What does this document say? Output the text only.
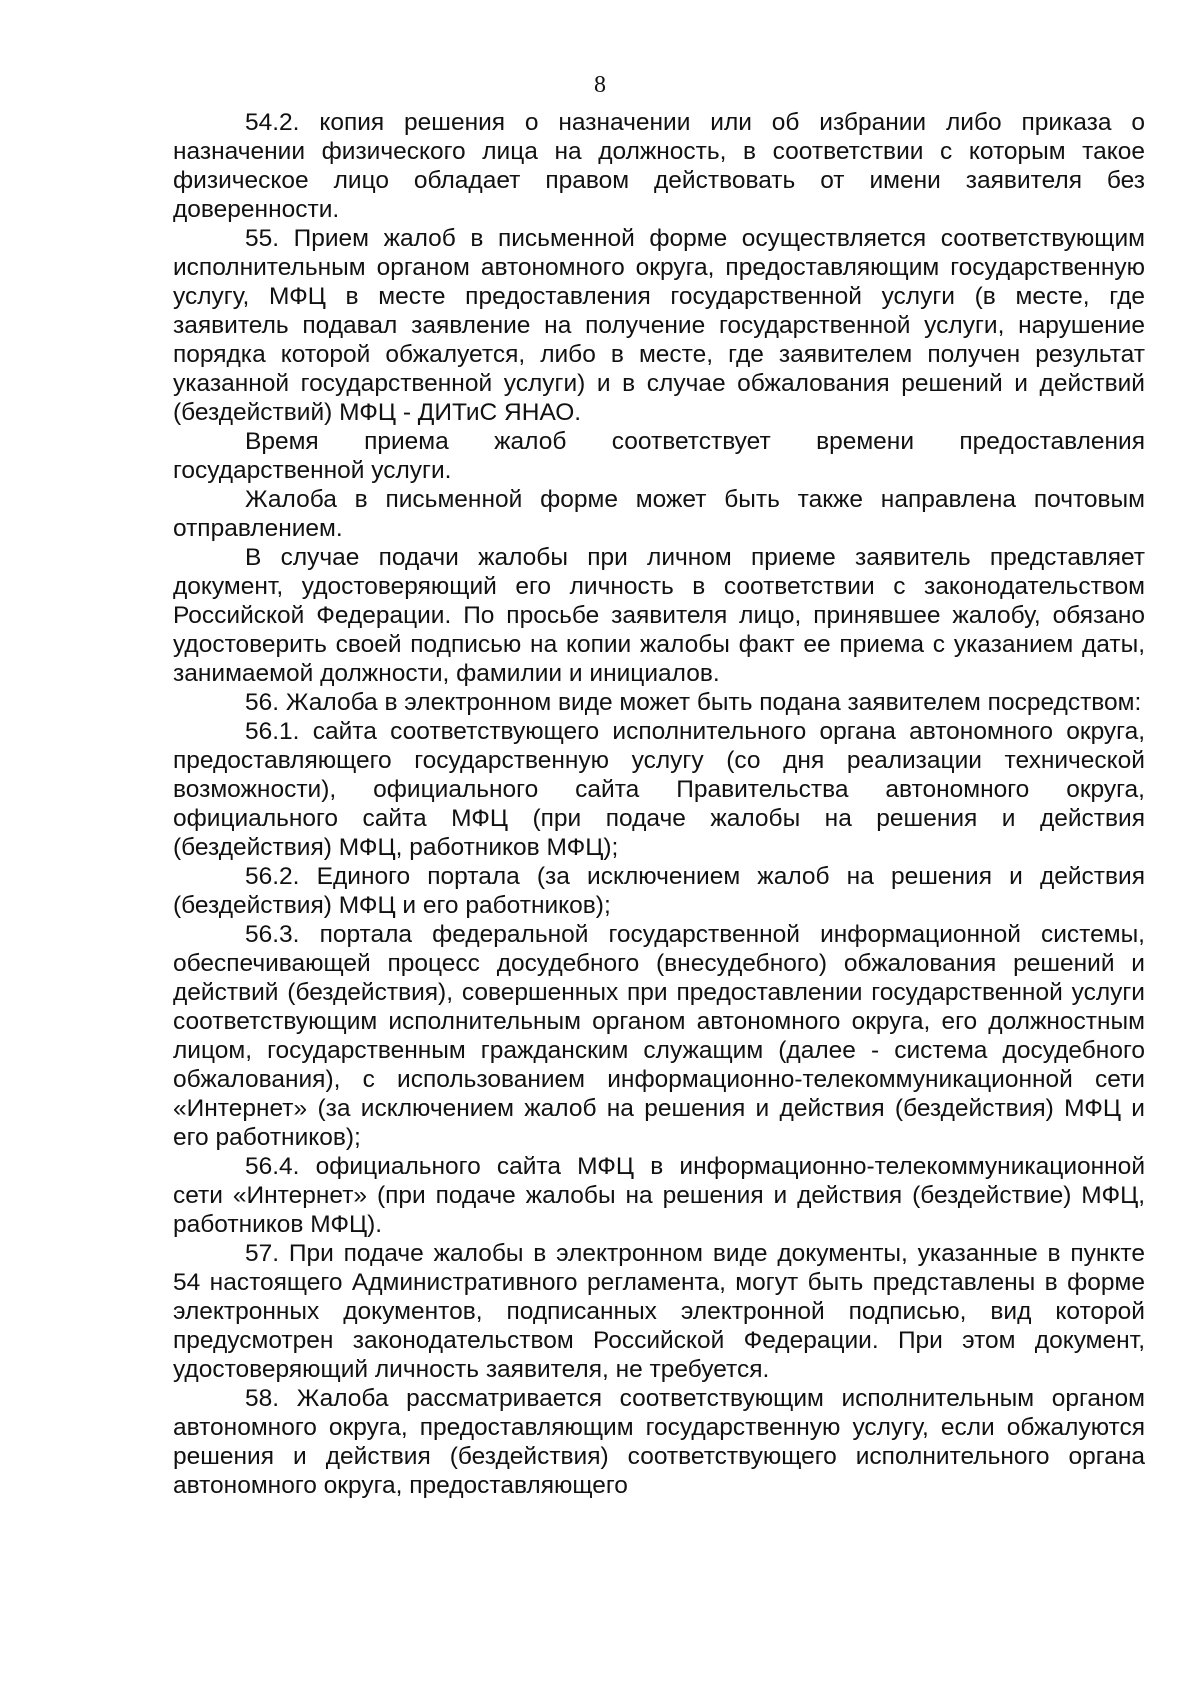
8

54.2. копия решения о назначении или об избрании либо приказа о назначении физического лица на должность, в соответствии с которым такое физическое лицо обладает правом действовать от имени заявителя без доверенности.

55. Прием жалоб в письменной форме осуществляется соответствующим исполнительным органом автономного округа, предоставляющим государственную услугу, МФЦ в месте предоставления государственной услуги (в месте, где заявитель подавал заявление на получение государственной услуги, нарушение порядка которой обжалуется, либо в месте, где заявителем получен результат указанной государственной услуги) и в случае обжалования решений и действий (бездействий) МФЦ - ДИТиС ЯНАО.

Время приема жалоб соответствует времени предоставления государственной услуги.

Жалоба в письменной форме может быть также направлена почтовым отправлением.

В случае подачи жалобы при личном приеме заявитель представляет документ, удостоверяющий его личность в соответствии с законодательством Российской Федерации. По просьбе заявителя лицо, принявшее жалобу, обязано удостоверить своей подписью на копии жалобы факт ее приема с указанием даты, занимаемой должности, фамилии и инициалов.

56. Жалоба в электронном виде может быть подана заявителем посредством:

56.1. сайта соответствующего исполнительного органа автономного округа, предоставляющего государственную услугу (со дня реализации технической возможности), официального сайта Правительства автономного округа, официального сайта МФЦ (при подаче жалобы на решения и действия (бездействия) МФЦ, работников МФЦ);

56.2. Единого портала (за исключением жалоб на решения и действия (бездействия) МФЦ и его работников);

56.3. портала федеральной государственной информационной системы, обеспечивающей процесс досудебного (внесудебного) обжалования решений и действий (бездействия), совершенных при предоставлении государственной услуги соответствующим исполнительным органом автономного округа, его должностным лицом, государственным гражданским служащим (далее - система досудебного обжалования), с использованием информационно-телекоммуникационной сети «Интернет» (за исключением жалоб на решения и действия (бездействия) МФЦ и его работников);

56.4. официального сайта МФЦ в информационно-телекоммуникационной сети «Интернет» (при подаче жалобы на решения и действия (бездействие) МФЦ, работников МФЦ).

57. При подаче жалобы в электронном виде документы, указанные в пункте 54 настоящего Административного регламента, могут быть представлены в форме электронных документов, подписанных электронной подписью, вид которой предусмотрен законодательством Российской Федерации. При этом документ, удостоверяющий личность заявителя, не требуется.

58. Жалоба рассматривается соответствующим исполнительным органом автономного округа, предоставляющим государственную услугу, если обжалуются решения и действия (бездействия) соответствующего исполнительного органа автономного округа, предоставляющего
